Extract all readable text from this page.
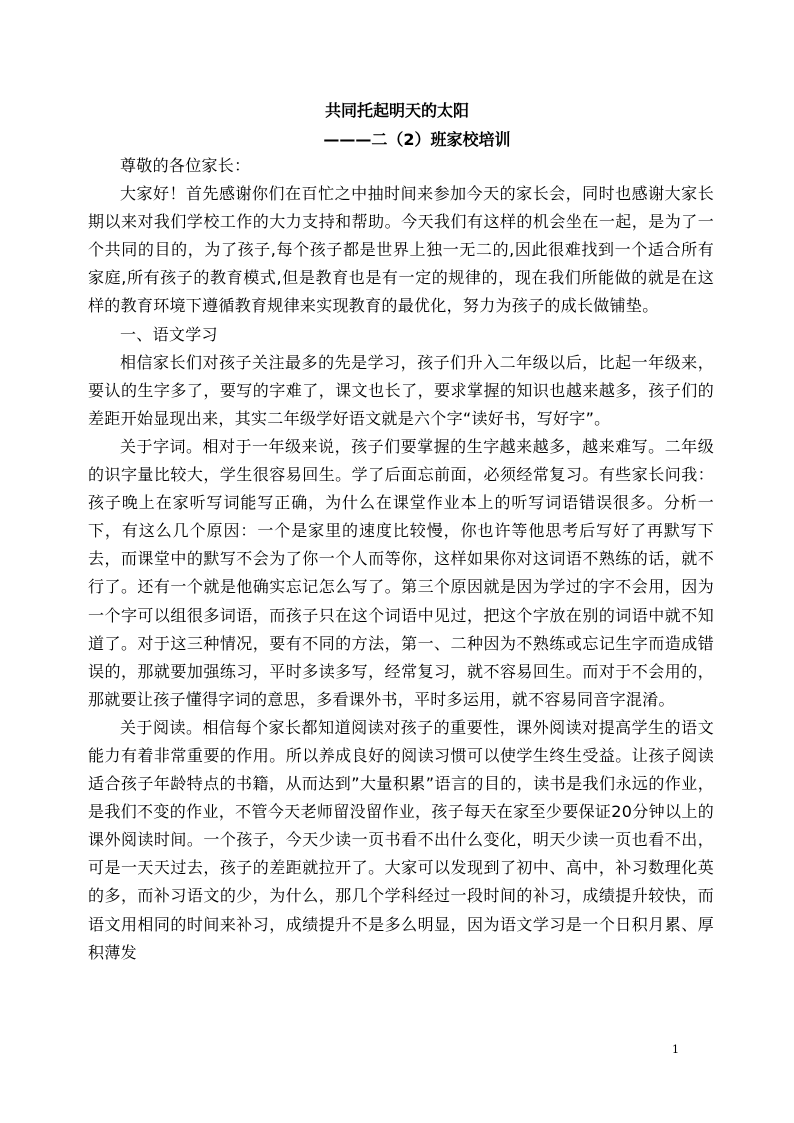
共同托起明天的太阳
———二（2）班家校培训

尊敬的各位家长：

大家好！首先感谢你们在百忙之中抽时间来参加今天的家长会，同时也感谢大家长期以来对我们学校工作的大力支持和帮助。今天我们有这样的机会坐在一起，是为了一个共同的目的，为了孩子,每个孩子都是世界上独一无二的,因此很难找到一个适合所有家庭,所有孩子的教育模式,但是教育也是有一定的规律的，现在我们所能做的就是在这样的教育环境下遵循教育规律来实现教育的最优化，努力为孩子的成长做铺垫。

一、语文学习

相信家长们对孩子关注最多的先是学习，孩子们升入二年级以后，比起一年级来，要认的生字多了，要写的字难了，课文也长了，要求掌握的知识也越来越多，孩子们的差距开始显现出来，其实二年级学好语文就是六个字“读好书，写好字”。

关于字词。相对于一年级来说，孩子们要掌握的生字越来越多，越来难写。二年级的识字量比较大，学生很容易回生。学了后面忘前面，必须经常复习。有些家长问我：孩子晚上在家听写词能写正确，为什么在课堂作业本上的听写词语错误很多。分析一下，有这么几个原因：一个是家里的速度比较慢，你也许等他思考后写好了再默写下去，而课堂中的默写不会为了你一个人而等你，这样如果你对这词语不熟练的话，就不行了。还有一个就是他确实忘记怎么写了。第三个原因就是因为学过的字不会用，因为一个字可以组很多词语，而孩子只在这个词语中见过，把这个字放在别的词语中就不知道了。对于这三种情况，要有不同的方法，第一、二种因为不熟练或忘记生字而造成错误的，那就要加强练习，平时多读多写，经常复习，就不容易回生。而对于不会用的，那就要让孩子懂得字词的意思，多看课外书，平时多运用，就不容易同音字混淆。

关于阅读。相信每个家长都知道阅读对孩子的重要性，课外阅读对提高学生的语文能力有着非常重要的作用。所以养成良好的阅读习惯可以使学生终生受益。让孩子阅读适合孩子年龄特点的书籍，从而达到”大量积累”语言的目的，读书是我们永远的作业，是我们不变的作业，不管今天老师留没留作业，孩子每天在家至少要保证20分钟以上的课外阅读时间。一个孩子，今天少读一页书看不出什么变化，明天少读一页也看不出，可是一天天过去，孩子的差距就拉开了。大家可以发现到了初中、高中，补习数理化英的多，而补习语文的少，为什么，那几个学科经过一段时间的补习，成绩提升较快，而语文用相同的时间来补习，成绩提升不是多么明显，因为语文学习是一个日积月累、厚积薄发

1
